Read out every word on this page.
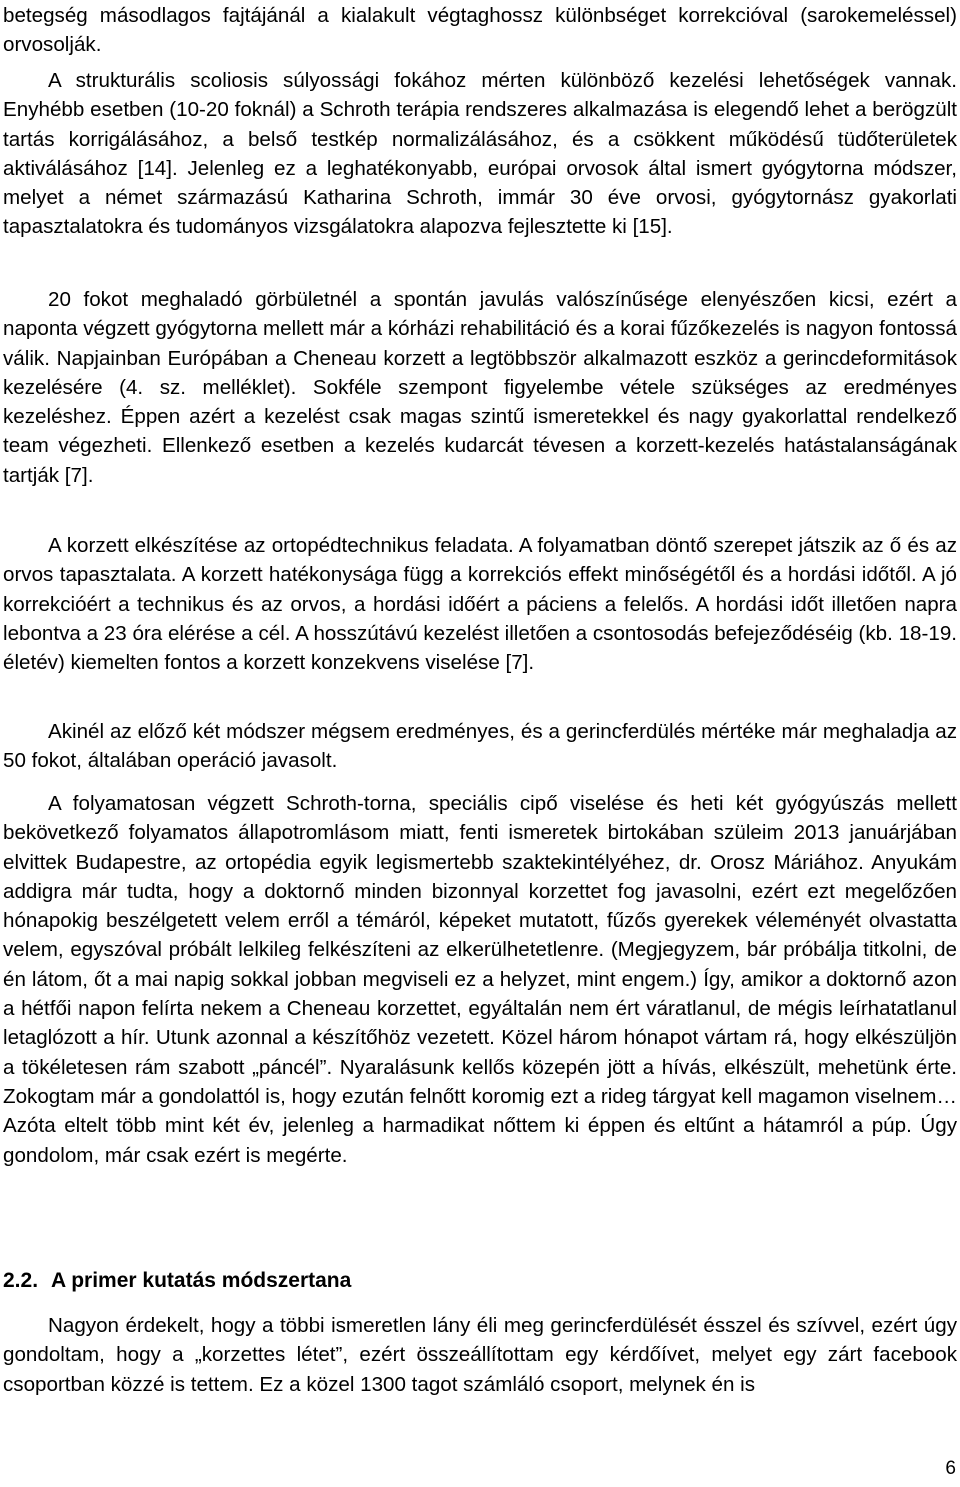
betegség másodlagos fajtájánál a kialakult végtaghossz különbséget korrekcióval (sarokemeléssel) orvosolják.

A strukturális scoliosis súlyossági fokához mérten különböző kezelési lehetőségek vannak. Enyhébb esetben (10-20 foknál) a Schroth terápia rendszeres alkalmazása is elegendő lehet a berögzült tartás korrigálásához, a belső testkép normalizálásához, és a csökkent működésű tüdőterületek aktiválásához [14]. Jelenleg ez a leghatékonyabb, európai orvosok által ismert gyógytorna módszer, melyet a német származású Katharina Schroth, immár 30 éve orvosi, gyógytornász gyakorlati tapasztalatokra és tudományos vizsgálatokra alapozva fejlesztette ki [15].

20 fokot meghaladó görbületnél a spontán javulás valószínűsége elenyészően kicsi, ezért a naponta végzett gyógytorna mellett már a kórházi rehabilitáció és a korai fűzőkezelés is nagyon fontossá válik. Napjainban Európában a Cheneau korzett a legtöbbször alkalmazott eszköz a gerincdeformitások kezelésére (4. sz. melléklet). Sokféle szempont figyelembe vétele szükséges az eredményes kezeléshez. Éppen azért a kezelést csak magas szintű ismeretekkel és nagy gyakorlattal rendelkező team végezheti. Ellenkező esetben a kezelés kudarcát tévesen a korzett-kezelés hatástalanságának tartják [7].

A korzett elkészítése az ortopédtechnikus feladata. A folyamatban döntő szerepet játszik az ő és az orvos tapasztalata. A korzett hatékonysága függ a korrekciós effekt minőségétől és a hordási időtől. A jó korrekcióért a technikus és az orvos, a hordási időért a páciens a felelős. A hordási időt illetően napra lebontva a 23 óra elérése a cél. A hosszútávú kezelést illetően a csontosodás befejeződéséig (kb. 18-19. életév) kiemelten fontos a korzett konzekvens viselése [7].

Akinél az előző két módszer mégsem eredményes, és a gerincferdülés mértéke már meghaladja az 50 fokot, általában operáció javasolt.

A folyamatosan végzett Schroth-torna, speciális cipő viselése és heti két gyógyúszás mellett bekövetkező folyamatos állapotromlásom miatt, fenti ismeretek birtokában szüleim 2013 januárjában elvittek Budapestre, az ortopédia egyik legismertebb szaktekintélyéhez, dr. Orosz Máriához. Anyukám addigra már tudta, hogy a doktornő minden bizonnyal korzettet fog javasolni, ezért ezt megelőzően hónapokig beszélgetett velem erről a témáról, képeket mutatott, fűzős gyerekek véleményét olvastatta velem, egyszóval próbált lelkileg felkészíteni az elkerülhetetlenre. (Megjegyzem, bár próbálja titkolni, de én látom, őt a mai napig sokkal jobban megviseli ez a helyzet, mint engem.) Így, amikor a doktornő azon a hétfői napon felírta nekem a Cheneau korzettet, egyáltalán nem ért váratlanul, de mégis leírhatatlanul letaglózott a hír. Utunk azonnal a készítőhöz vezetett. Közel három hónapot vártam rá, hogy elkészüljön a tökéletesen rám szabott „páncél”. Nyaralásunk kellős közepén jött a hívás, elkészült, mehetünk érte. Zokogtam már a gondolattól is, hogy ezután felnőtt koromig ezt a rideg tárgyat kell magamon viselnem… Azóta eltelt több mint két év, jelenleg a harmadikat nőttem ki éppen és eltűnt a hátamról a púp. Úgy gondolom, már csak ezért is megérte.

2.2. A primer kutatás módszertana

Nagyon érdekelt, hogy a többi ismeretlen lány éli meg gerincferdülését ésszel és szívvel, ezért úgy gondoltam, hogy a „korzettes létet”, ezért összeállítottam egy kérdőívet, melyet egy zárt facebook csoportban közzé is tettem. Ez a közel 1300 tagot számláló csoport, melynek én is

6
